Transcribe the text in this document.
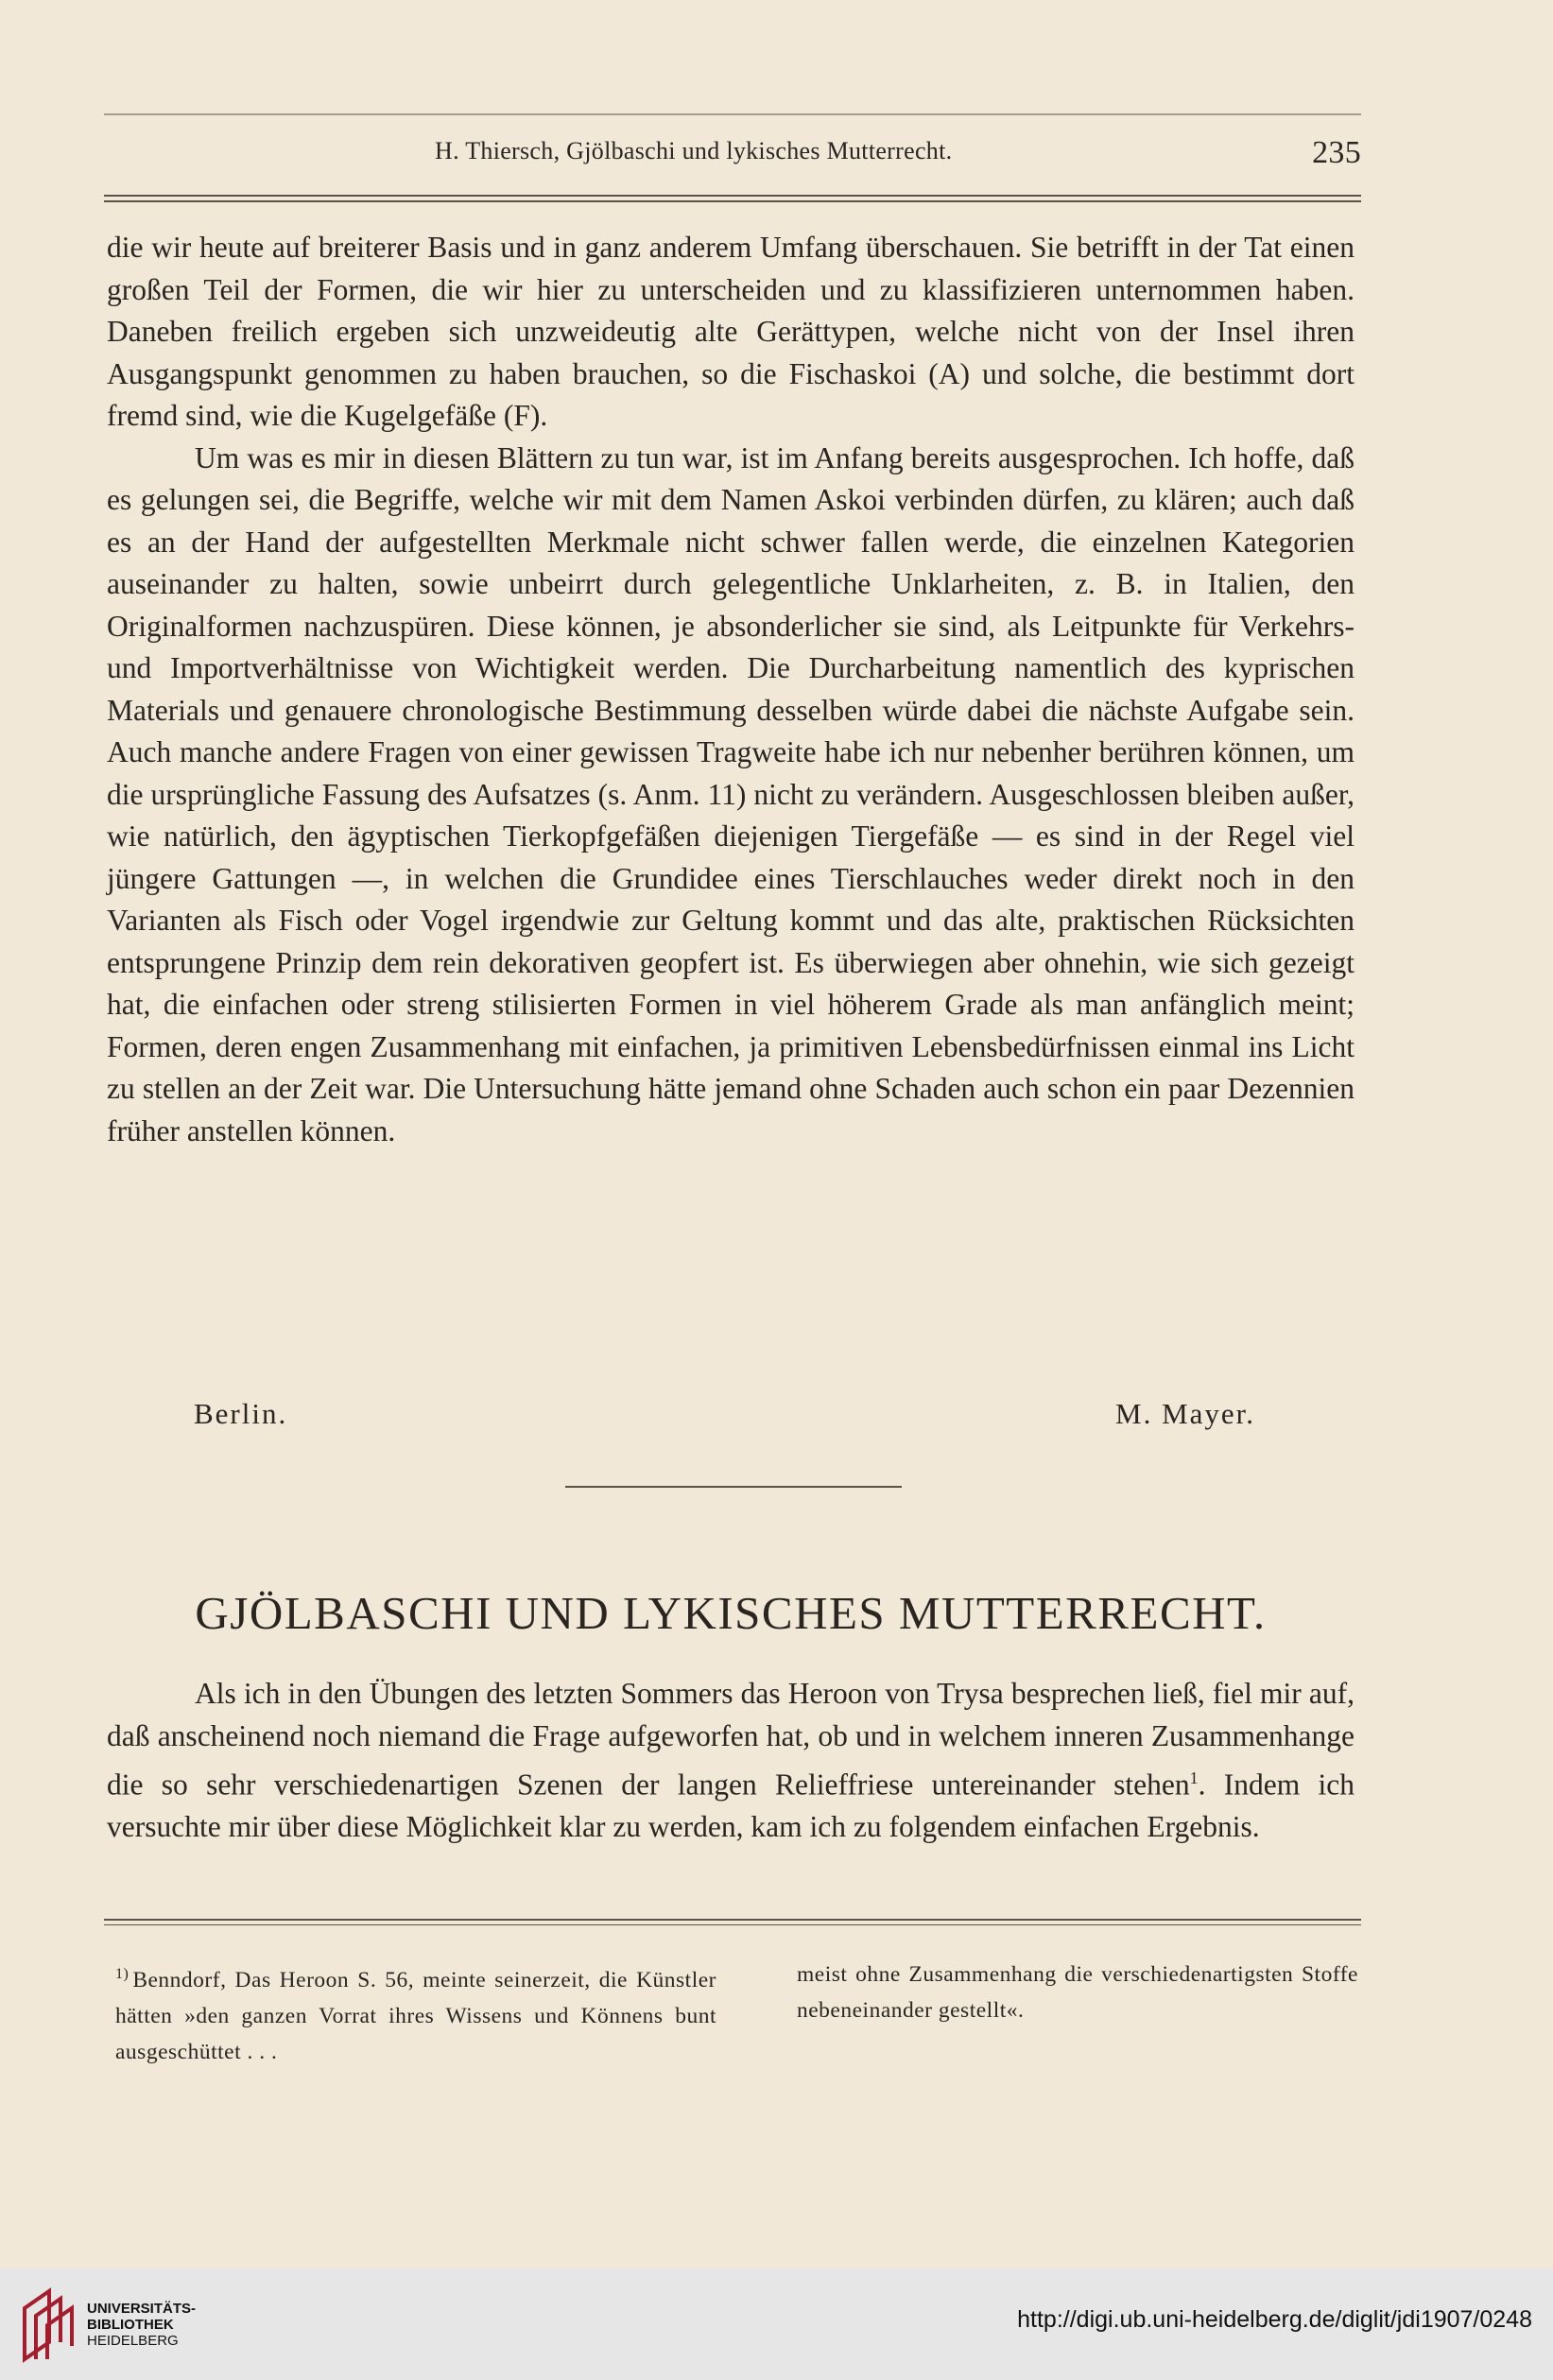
H. Thiersch, Gjölbaschi und lykisches Mutterrecht.	235

die wir heute auf breiterer Basis und in ganz anderem Umfang überschauen. Sie betrifft in der Tat einen großen Teil der Formen, die wir hier zu unterscheiden und zu klassifizieren unternommen haben. Daneben freilich ergeben sich unzweideutig alte Gerättypen, welche nicht von der Insel ihren Ausgangspunkt genommen zu haben brauchen, so die Fischaskoi (A) und solche, die bestimmt dort fremd sind, wie die Kugelgefäße (F).

Um was es mir in diesen Blättern zu tun war, ist im Anfang bereits ausgesprochen. Ich hoffe, daß es gelungen sei, die Begriffe, welche wir mit dem Namen Askoi verbinden dürfen, zu klären; auch daß es an der Hand der aufgestellten Merkmale nicht schwer fallen werde, die einzelnen Kategorien auseinander zu halten, sowie unbeirrt durch gelegentliche Unklarheiten, z. B. in Italien, den Originalformen nachzuspüren. Diese können, je absonderlicher sie sind, als Leitpunkte für Verkehrs- und Importverhältnisse von Wichtigkeit werden. Die Durcharbeitung namentlich des kyprischen Materials und genauere chronologische Bestimmung desselben würde dabei die nächste Aufgabe sein. Auch manche andere Fragen von einer gewissen Tragweite habe ich nur nebenher berühren können, um die ursprüngliche Fassung des Aufsatzes (s. Anm. 11) nicht zu verändern. Ausgeschlossen bleiben außer, wie natürlich, den ägyptischen Tierkopfgefäßen diejenigen Tiergefäße — es sind in der Regel viel jüngere Gattungen —, in welchen die Grundidee eines Tierschlauches weder direkt noch in den Varianten als Fisch oder Vogel irgendwie zur Geltung kommt und das alte, praktischen Rücksichten entsprungene Prinzip dem rein dekorativen geopfert ist. Es überwiegen aber ohnehin, wie sich gezeigt hat, die einfachen oder streng stilisierten Formen in viel höherem Grade als man anfänglich meint; Formen, deren engen Zusammenhang mit einfachen, ja primitiven Lebensbedürfnissen einmal ins Licht zu stellen an der Zeit war. Die Untersuchung hätte jemand ohne Schaden auch schon ein paar Dezennien früher anstellen können.

Berlin.	M. Mayer.
GJÖLBASCHI UND LYKISCHES MUTTERRECHT.

Als ich in den Übungen des letzten Sommers das Heroon von Trysa besprechen ließ, fiel mir auf, daß anscheinend noch niemand die Frage aufgeworfen hat, ob und in welchem inneren Zusammenhange die so sehr verschiedenartigen Szenen der langen Relieffriese untereinander stehen$^1$. Indem ich versuchte mir über diese Möglichkeit klar zu werden, kam ich zu folgendem einfachen Ergebnis.

$^{1)}$ Benndorf, Das Heroon S. 56, meinte seinerzeit, die Künstler hätten »den ganzen Vorrat ihres Wissens und Könnens bunt ausgeschüttet . . .
meist ohne Zusammenhang die verschiedenartigsten Stoffe nebeneinander gestellt«.
UNIVERSITÄTS-
BIBLIOTHEK
HEIDELBERG
http://digi.ub.uni-heidelberg.de/diglit/jdi1907/0248
